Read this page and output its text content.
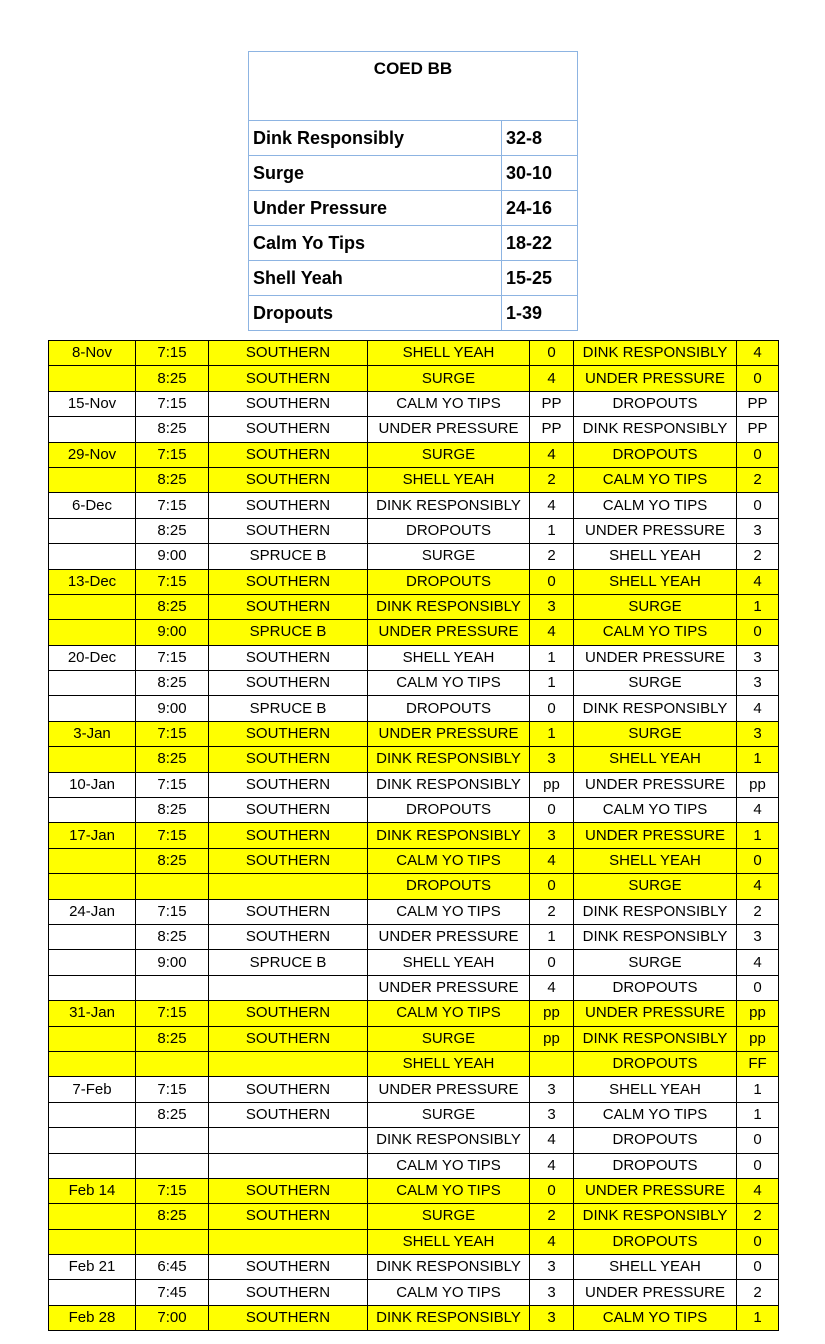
COED BB	
Dink Responsibly	32-8
Surge	30-10
Under Pressure	24-16
Calm Yo Tips	18-22
Shell Yeah	15-25
Dropouts	1-39
8-Nov	7:15	SOUTHERN	SHELL YEAH	0	DINK RESPONSIBLY	4
	8:25	SOUTHERN	SURGE	4	UNDER PRESSURE	0
15-Nov	7:15	SOUTHERN	CALM YO TIPS	PP	DROPOUTS	PP
	8:25	SOUTHERN	UNDER PRESSURE	PP	DINK RESPONSIBLY	PP
29-Nov	7:15	SOUTHERN	SURGE	4	DROPOUTS	0
	8:25	SOUTHERN	SHELL YEAH	2	CALM YO TIPS	2
6-Dec	7:15	SOUTHERN	DINK RESPONSIBLY	4	CALM YO TIPS	0
	8:25	SOUTHERN	DROPOUTS	1	UNDER PRESSURE	3
	9:00	SPRUCE B	SURGE	2	SHELL YEAH	2
13-Dec	7:15	SOUTHERN	DROPOUTS	0	SHELL YEAH	4
	8:25	SOUTHERN	DINK RESPONSIBLY	3	SURGE	1
	9:00	SPRUCE B	UNDER PRESSURE	4	CALM YO TIPS	0
20-Dec	7:15	SOUTHERN	SHELL YEAH	1	UNDER PRESSURE	3
	8:25	SOUTHERN	CALM YO TIPS	1	SURGE	3
	9:00	SPRUCE B	DROPOUTS	0	DINK RESPONSIBLY	4
3-Jan	7:15	SOUTHERN	UNDER PRESSURE	1	SURGE	3
	8:25	SOUTHERN	DINK RESPONSIBLY	3	SHELL YEAH	1
10-Jan	7:15	SOUTHERN	DINK RESPONSIBLY	pp	UNDER PRESSURE	pp
	8:25	SOUTHERN	DROPOUTS	0	CALM YO TIPS	4
17-Jan	7:15	SOUTHERN	DINK RESPONSIBLY	3	UNDER PRESSURE	1
	8:25	SOUTHERN	CALM YO TIPS	4	SHELL YEAH	0
			DROPOUTS	0	SURGE	4
24-Jan	7:15	SOUTHERN	CALM YO TIPS	2	DINK RESPONSIBLY	2
	8:25	SOUTHERN	UNDER PRESSURE	1	DINK RESPONSIBLY	3
	9:00	SPRUCE B	SHELL YEAH	0	SURGE	4
			UNDER PRESSURE	4	DROPOUTS	0
31-Jan	7:15	SOUTHERN	CALM YO TIPS	pp	UNDER PRESSURE	pp
	8:25	SOUTHERN	SURGE	pp	DINK RESPONSIBLY	pp
			SHELL YEAH		DROPOUTS	FF
7-Feb	7:15	SOUTHERN	UNDER PRESSURE	3	SHELL YEAH	1
	8:25	SOUTHERN	SURGE	3	CALM YO TIPS	1
			DINK RESPONSIBLY	4	DROPOUTS	0
			CALM YO TIPS	4	DROPOUTS	0
Feb 14	7:15	SOUTHERN	CALM YO TIPS	0	UNDER PRESSURE	4
	8:25	SOUTHERN	SURGE	2	DINK RESPONSIBLY	2
			SHELL YEAH	4	DROPOUTS	0
Feb 21	6:45	SOUTHERN	DINK RESPONSIBLY	3	SHELL YEAH	0
	7:45	SOUTHERN	CALM YO TIPS	3	UNDER PRESSURE	2
Feb 28	7:00	SOUTHERN	DINK RESPONSIBLY	3	CALM YO TIPS	1
